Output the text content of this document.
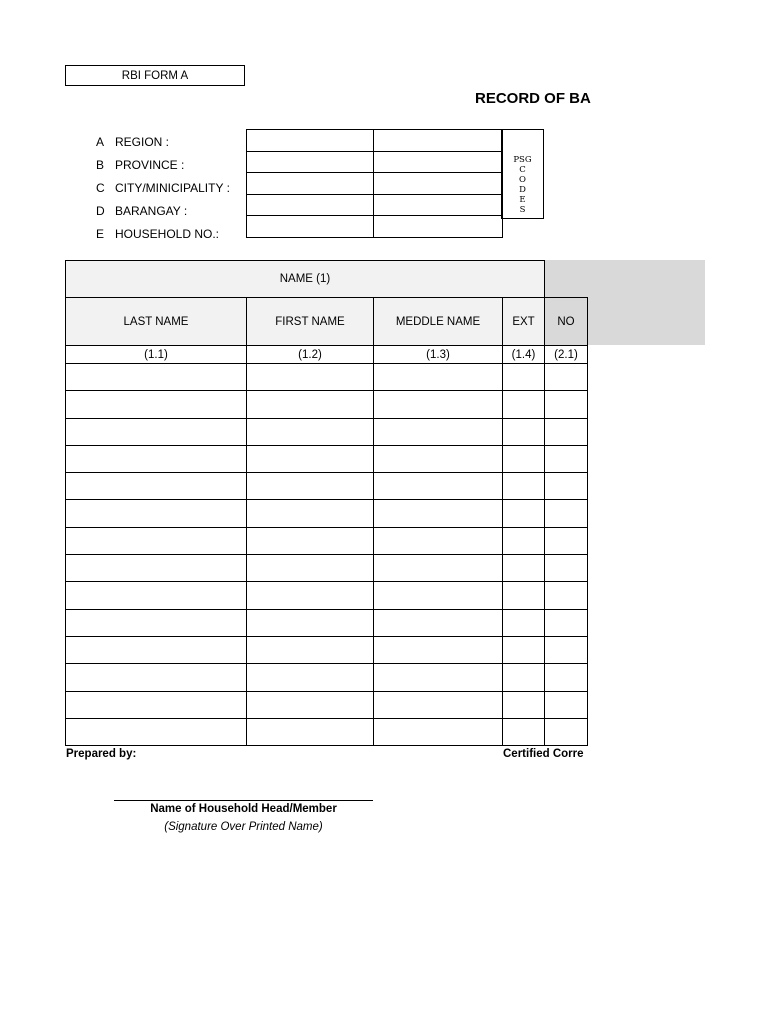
RBI FORM A
RECORD OF BA
A REGION :
B PROVINCE :
C CITY/MINICIPALITY :
D BARANGAY :
E HOUSEHOLD NO.:

PSG
C
O
D
E
S
NAME (1)				
LAST NAME	FIRST NAME	MEDDLE NAME	EXT	NO
(1.1)	(1.2)	(1.3)	(1.4)	(2.1)

Prepared by:	Certified Corre
Name of Household Head/Member
(Signature Over Printed Name)
